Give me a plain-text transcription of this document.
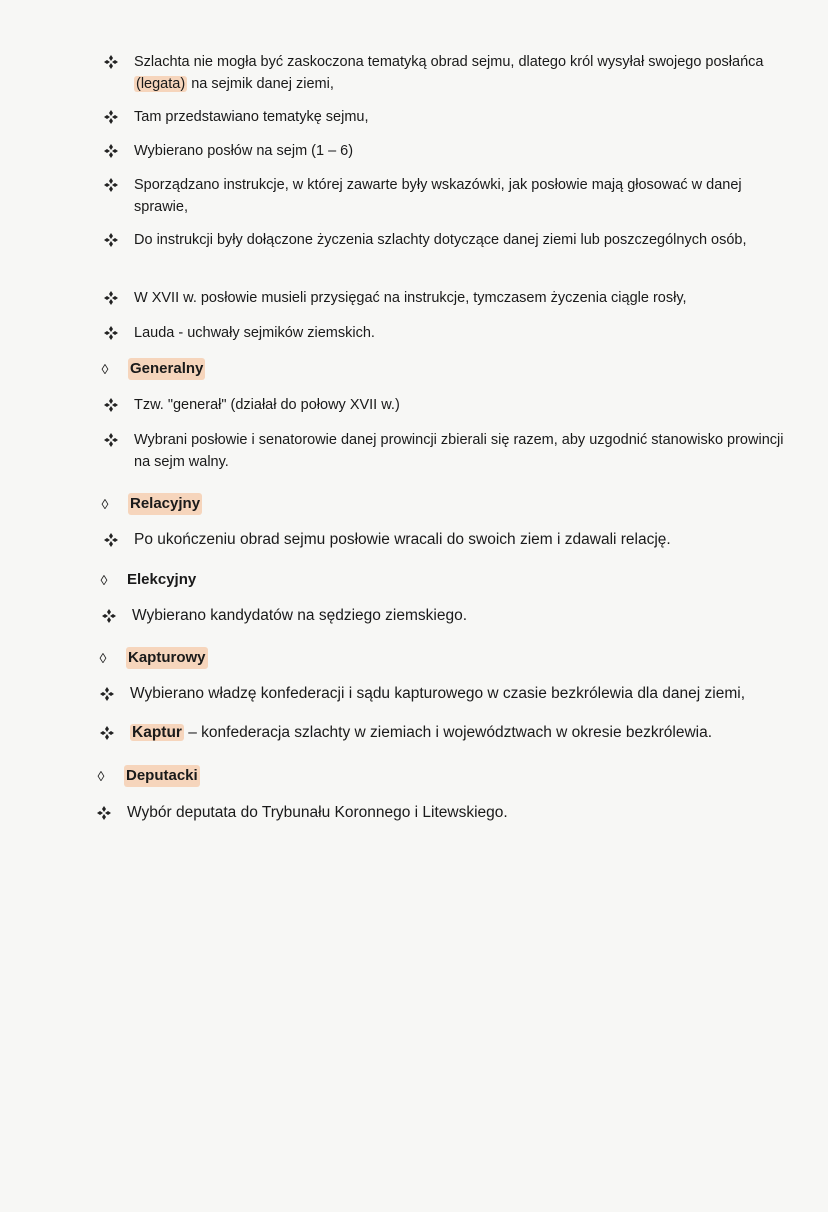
Szlachta nie mogła być zaskoczona tematyką obrad sejmu, dlatego król wysyłał swojego posłańca (legata) na sejmik danej ziemi,
Tam przedstawiano tematykę sejmu,
Wybierano posłów na sejm (1 – 6)
Sporządzano instrukcje, w której zawarte były wskazówki, jak posłowie mają głosować w danej sprawie,
Do instrukcji były dołączone życzenia szlachty dotyczące danej ziemi lub poszczególnych osób,
W XVII w. posłowie musieli przysięgać na instrukcje, tymczasem życzenia ciągle rosły,
Lauda - uchwały sejmików ziemskich.
◊	Generalny
Tzw. "generał" (działał do połowy XVII w.)
Wybrani posłowie i senatorowie danej prowincji zbierali się razem, aby uzgodnić stanowisko prowincji na sejm walny.
◊	Relacyjny
Po ukończeniu obrad sejmu posłowie wracali do swoich ziem i zdawali relację.
◊	Elekcyjny
Wybierano kandydatów na sędziego ziemskiego.
◊	Kapturowy
Wybierano władzę konfederacji i sądu kapturowego w czasie bezkrólewia dla danej ziemi,
Kaptur – konfederacja szlachty w ziemiach i województwach w okresie bezkrólewia.
◊	Deputacki
Wybór deputata do Trybunału Koronnego i Litewskiego.
